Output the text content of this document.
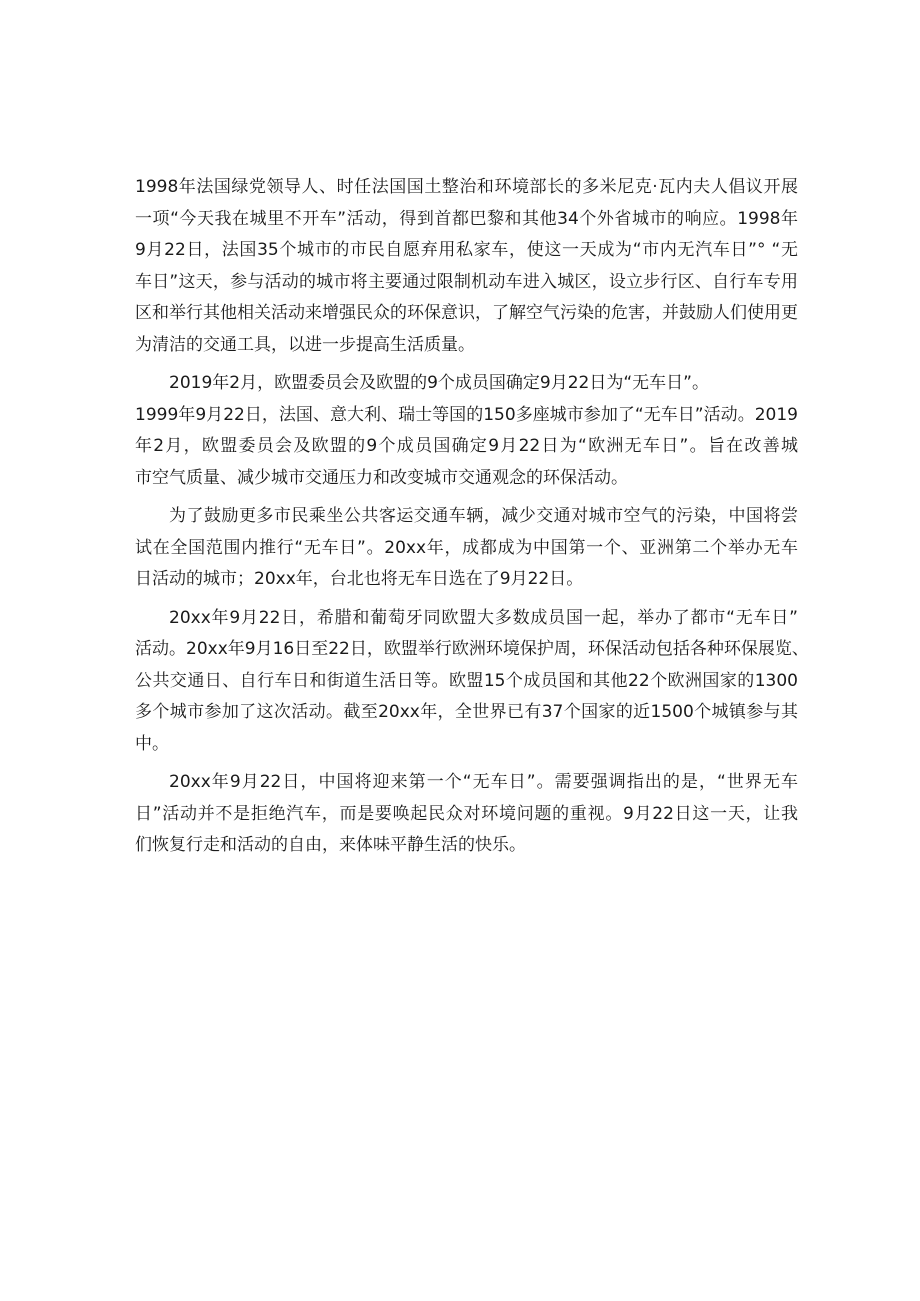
1998年法国绿党领导人、时任法国国土整治和环境部长的多米尼克·瓦内夫人倡议开展
一项“今天我在城里不开车”活动，得到首都巴黎和其他34个外省城市的响应。1998年
9月22日，法国35个城市的市民自愿弃用私家车，使这一天成为“市内无汽车日”° “无
车日”这天，参与活动的城市将主要通过限制机动车进入城区，设立步行区、自行车专用
区和举行其他相关活动来增强民众的环保意识，了解空气污染的危害，并鼓励人们使用更
为清洁的交通工具，以进一步提高生活质量。
2019年2月，欧盟委员会及欧盟的9个成员国确定9月22日为“无车日”。
1999年9月22日，法国、意大利、瑞士等国的150多座城市参加了“无车日”活动。2019
年2月，欧盟委员会及欧盟的9个成员国确定9月22日为“欧洲无车日”。旨在改善城
市空气质量、减少城市交通压力和改变城市交通观念的环保活动。
为了鼓励更多市民乘坐公共客运交通车辆，减少交通对城市空气的污染，中国将尝
试在全国范围内推行“无车日”。20xx年，成都成为中国第一个、亚洲第二个举办无车
日活动的城市；20xx年，台北也将无车日选在了9月22日。
20xx年9月22日，希腊和葡萄牙同欧盟大多数成员国一起，举办了都市“无车日”
活动。20xx年9月16日至22日，欧盟举行欧洲环境保护周，环保活动包括各种环保展览、
公共交通日、自行车日和街道生活日等。欧盟15个成员国和其他22个欧洲国家的1300
多个城市参加了这次活动。截至20xx年，全世界已有37个国家的近1500个城镇参与其
中。
20xx年9月22日，中国将迎来第一个“无车日”。需要强调指出的是，“世界无车
日”活动并不是拒绝汽车，而是要唤起民众对环境问题的重视。9月22日这一天，让我
们恢复行走和活动的自由，来体味平静生活的快乐。
